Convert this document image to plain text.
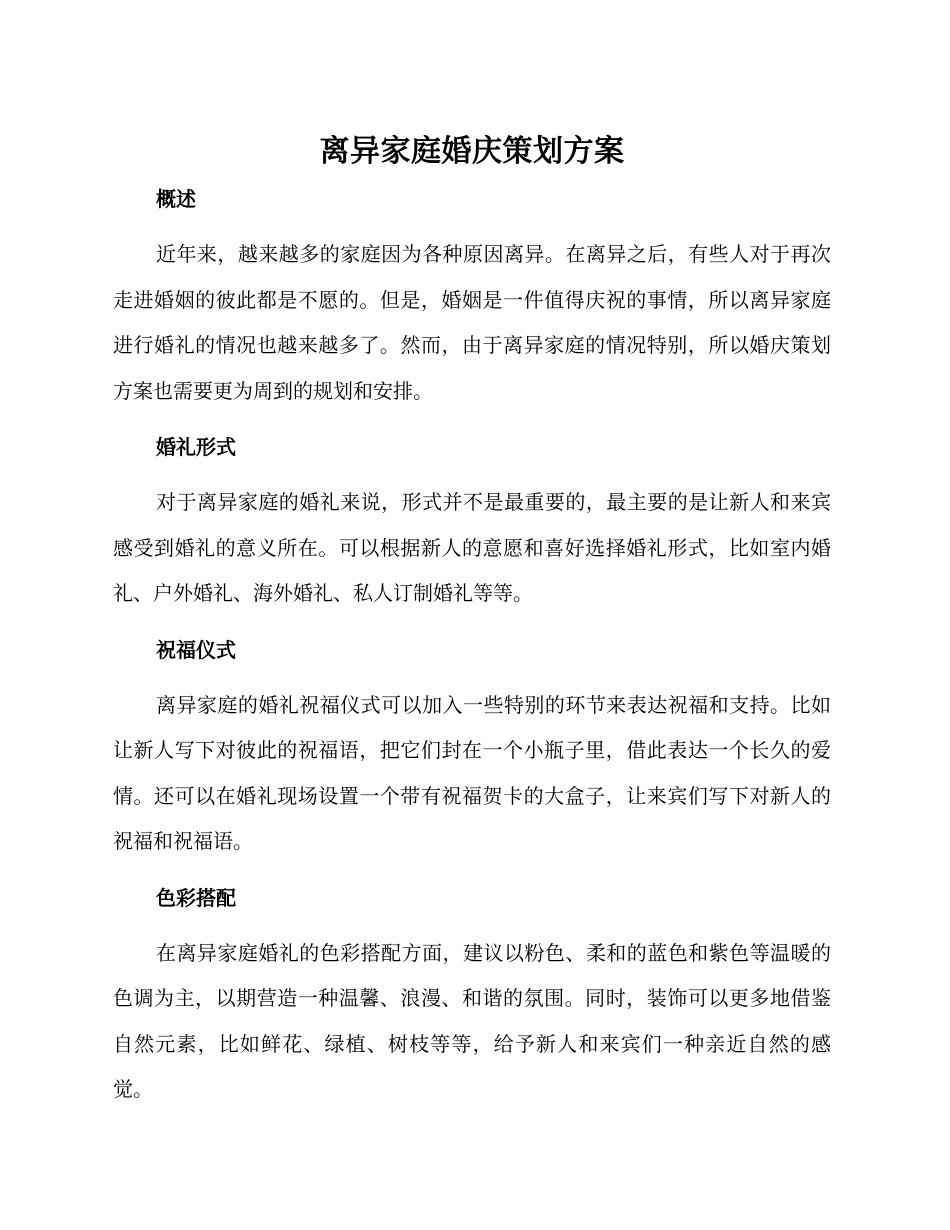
离异家庭婚庆策划方案
概述

近年来，越来越多的家庭因为各种原因离异。在离异之后，有些人对于再次走进婚姻的彼此都是不愿的。但是，婚姻是一件值得庆祝的事情，所以离异家庭进行婚礼的情况也越来越多了。然而，由于离异家庭的情况特别，所以婚庆策划方案也需要更为周到的规划和安排。

婚礼形式

对于离异家庭的婚礼来说，形式并不是最重要的，最主要的是让新人和来宾感受到婚礼的意义所在。可以根据新人的意愿和喜好选择婚礼形式，比如室内婚礼、户外婚礼、海外婚礼、私人订制婚礼等等。

祝福仪式

离异家庭的婚礼祝福仪式可以加入一些特别的环节来表达祝福和支持。比如让新人写下对彼此的祝福语，把它们封在一个小瓶子里，借此表达一个长久的爱情。还可以在婚礼现场设置一个带有祝福贺卡的大盒子，让来宾们写下对新人的祝福和祝福语。

色彩搭配

在离异家庭婚礼的色彩搭配方面，建议以粉色、柔和的蓝色和紫色等温暖的色调为主，以期营造一种温馨、浪漫、和谐的氛围。同时，装饰可以更多地借鉴自然元素，比如鲜花、绿植、树枝等等，给予新人和来宾们一种亲近自然的感觉。
